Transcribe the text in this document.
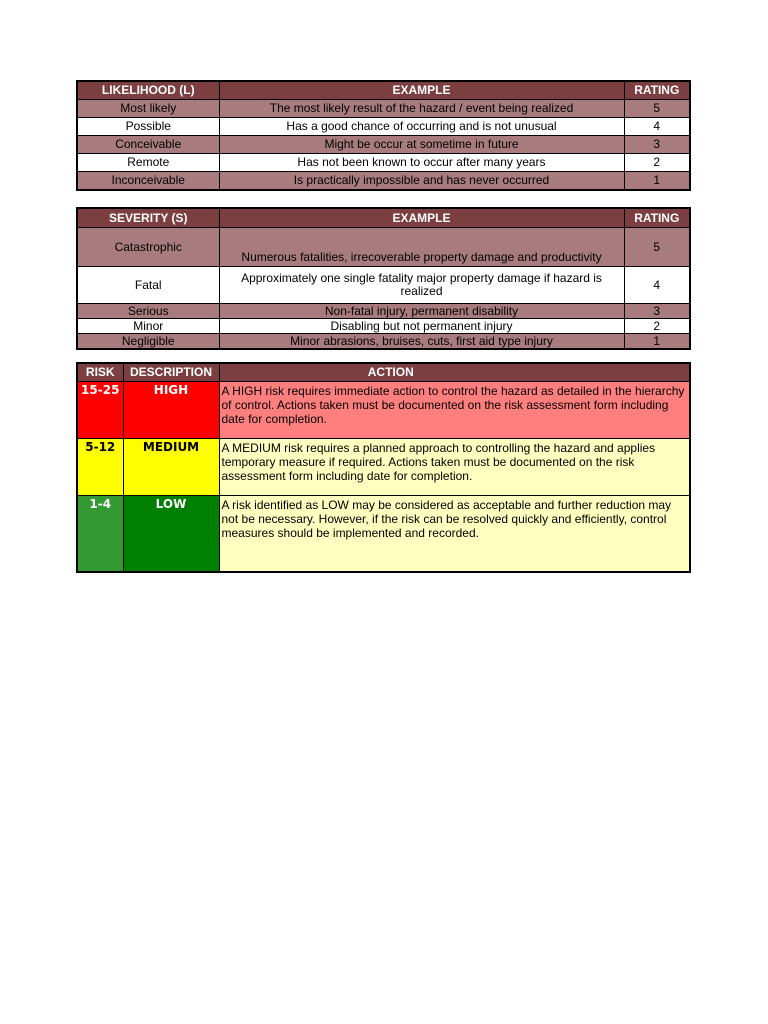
LIKELIHOOD (L)	EXAMPLE	RATING
Most likely	The most likely result of the hazard / event being realized	5
Possible	Has a good chance of occurring and is not unusual	4
Conceivable	Might be occur at sometime in future	3
Remote	Has not been known to occur after many years	2
Inconceivable	Is practically impossible and has never occurred	1
SEVERITY (S)	EXAMPLE	RATING
Catastrophic	Numerous fatalities, irrecoverable property damage and productivity	5
Fatal	Approximately one single fatality major property damage if hazard is realized	4
Serious	Non-fatal injury, permanent disability	3
Minor	Disabling but not permanent injury	2
Negligible	Minor abrasions, bruises, cuts, first aid type injury	1
RISK	DESCRIPTION	ACTION
15-25	HIGH	A HIGH risk requires immediate action to control the hazard as detailed in the hierarchy of control. Actions taken must be documented on the risk assessment form including date for completion.
5-12	MEDIUM	A MEDIUM risk requires a planned approach to controlling the hazard and applies temporary measure if required. Actions taken must be documented on the risk assessment form including date for completion.
1-4	LOW	A risk identified as LOW may be considered as acceptable and further reduction may not be necessary. However, if the risk can be resolved quickly and efficiently, control measures should be implemented and recorded.
